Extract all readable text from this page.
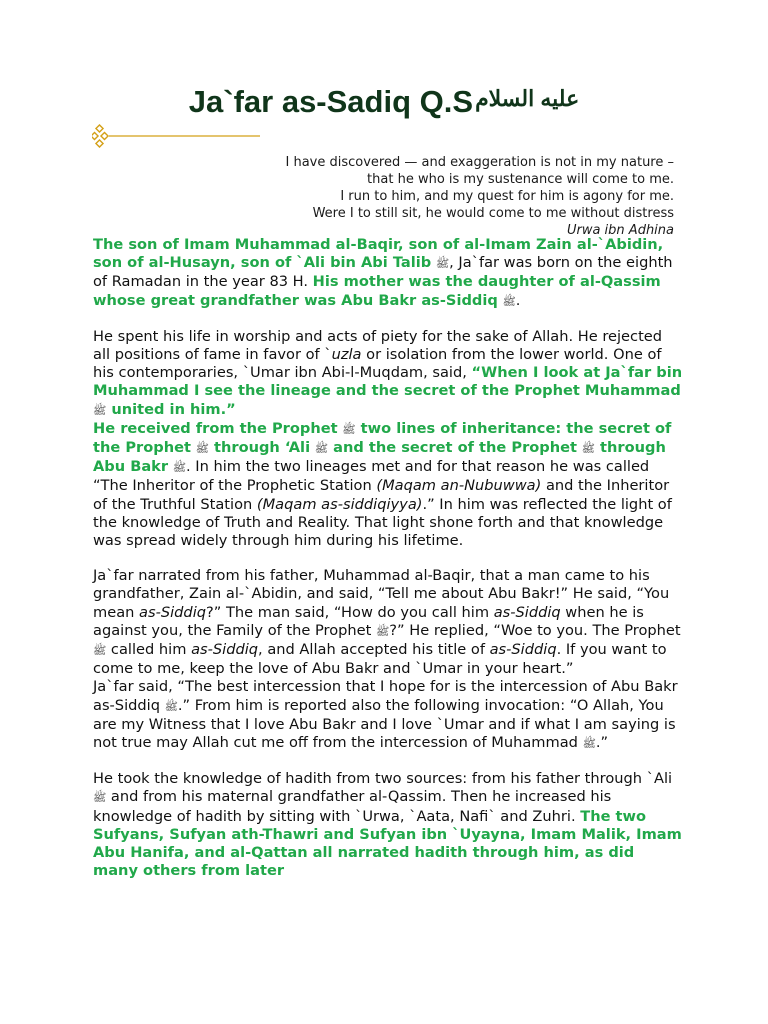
Ja`far as-Sadiq Q.Sعليه السلام
I have discovered — and exaggeration is not in my nature –
that he who is my sustenance will come to me.
I run to him, and my quest for him is agony for me.
Were I to still sit, he would come to me without distress
Urwa ibn Adhina

The son of Imam Muhammad al-Baqir, son of al-Imam Zain al-`Abidin, son of al-Husayn, son of `Ali bin Abi Talib ﷺ, Ja`far was born on the eighth of Ramadan in the year 83 H. His mother was the daughter of al-Qassim whose great grandfather was Abu Bakr as-Siddiq ﷺ.

He spent his life in worship and acts of piety for the sake of Allah. He rejected all positions of fame in favor of `uzla or isolation from the lower world. One of his contemporaries, `Umar ibn Abi-l-Muqdam, said, “When I look at Ja`far bin Muhammad I see the lineage and the secret of the Prophet Muhammad ﷺ united in him.”

He received from the Prophet ﷺ two lines of inheritance: the secret of the Prophet ﷺ through ‘Ali ﷺ and the secret of the Prophet ﷺ through Abu Bakr ﷺ. In him the two lineages met and for that reason he was called “The Inheritor of the Prophetic Station (Maqam an-Nubuwwa) and the Inheritor of the Truthful Station (Maqam as-siddiqiyya).” In him was reflected the light of the knowledge of Truth and Reality. That light shone forth and that knowledge was spread widely through him during his lifetime.

Ja`far narrated from his father, Muhammad al-Baqir, that a man came to his grandfather, Zain al-`Abidin, and said, “Tell me about Abu Bakr!” He said, “You mean as-Siddiq?” The man said, “How do you call him as-Siddiq when he is against you, the Family of the Prophet ﷺ?” He replied, “Woe to you. The Prophet ﷺ called him as-Siddiq, and Allah accepted his title of as-Siddiq. If you want to come to me, keep the love of Abu Bakr and `Umar in your heart.”

Ja`far said, “The best intercession that I hope for is the intercession of Abu Bakr as-Siddiq ﷺ.” From him is reported also the following invocation: “O Allah, You are my Witness that I love Abu Bakr and I love `Umar and if what I am saying is not true may Allah cut me off from the intercession of Muhammad ﷺ.”

He took the knowledge of hadith from two sources: from his father through `Ali ﷺ and from his maternal grandfather al-Qassim. Then he increased his knowledge of hadith by sitting with `Urwa, `Aata, Nafi` and Zuhri. The two Sufyans, Sufyan ath-Thawri and Sufyan ibn `Uyayna, Imam Malik, Imam Abu Hanifa, and al-Qattan all narrated hadith through him, as did many others from later
